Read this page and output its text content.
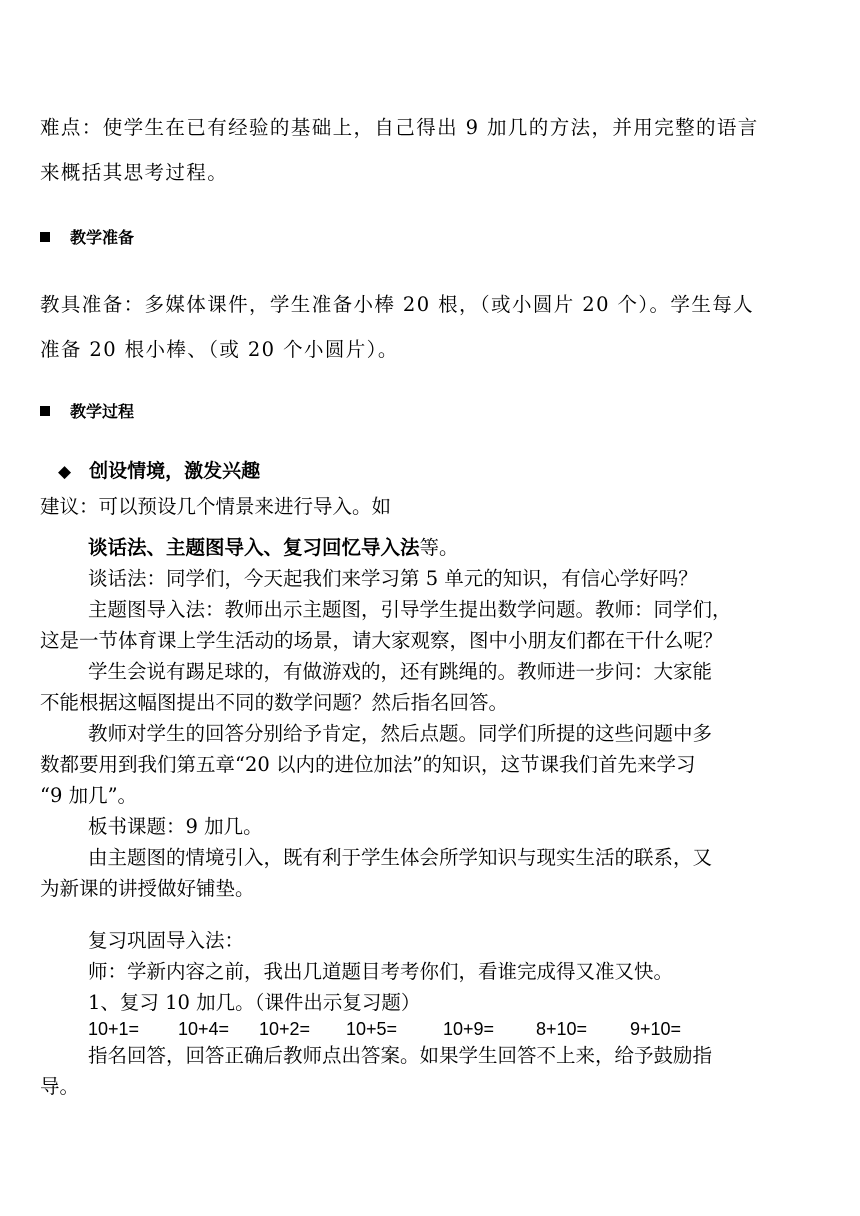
难点：使学生在已有经验的基础上，自己得出 9 加几的方法，并用完整的语言
来概括其思考过程。
教学准备
教具准备：多媒体课件，学生准备小棒 20 根，（或小圆片 20 个）。学生每人
准备 20 根小棒、（或 20 个小圆片）。
教学过程
◆ 创设情境，激发兴趣
建议：可以预设几个情景来进行导入。如
谈话法、主题图导入、复习回忆导入法等。
谈话法：同学们，今天起我们来学习第 5 单元的知识，有信心学好吗？
主题图导入法：教师出示主题图，引导学生提出数学问题。教师：同学们，
这是一节体育课上学生活动的场景，请大家观察，图中小朋友们都在干什么呢？
学生会说有踢足球的，有做游戏的，还有跳绳的。教师进一步问：大家能
不能根据这幅图提出不同的数学问题？然后指名回答。
教师对学生的回答分别给予肯定，然后点题。同学们所提的这些问题中多
数都要用到我们第五章“20 以内的进位加法”的知识，这节课我们首先来学习
“9 加几”。
板书课题：9 加几。
由主题图的情境引入，既有利于学生体会所学知识与现实生活的联系，又
为新课的讲授做好铺垫。
复习巩固导入法：
师：学新内容之前，我出几道题目考考你们，看谁完成得又准又快。
1、复习 10 加几。（课件出示复习题）
10+1= 10+4= 10+2= 10+5=	10+9= 8+10= 9+10=
指名回答，回答正确后教师点出答案。如果学生回答不上来，给予鼓励指
导。
